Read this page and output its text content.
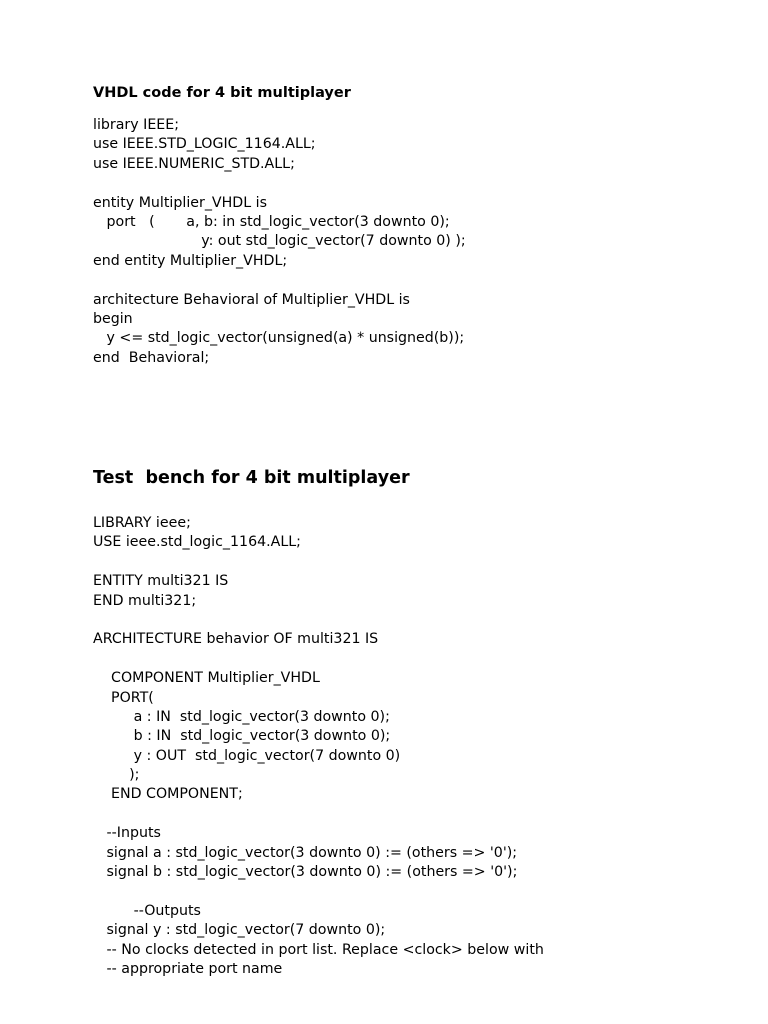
VHDL code for 4 bit multiplayer
library IEEE;
use IEEE.STD_LOGIC_1164.ALL;
use IEEE.NUMERIC_STD.ALL;
entity Multiplier_VHDL is
port   (       a, b: in std_logic_vector(3 downto 0);
y: out std_logic_vector(7 downto 0) );
end entity Multiplier_VHDL;
architecture Behavioral of Multiplier_VHDL is
begin
y <= std_logic_vector(unsigned(a) * unsigned(b));
end  Behavioral;
Test  bench for 4 bit multiplayer
LIBRARY ieee;
USE ieee.std_logic_1164.ALL;
ENTITY multi321 IS
END multi321;
ARCHITECTURE behavior OF multi321 IS
COMPONENT Multiplier_VHDL
PORT(
a : IN  std_logic_vector(3 downto 0);
b : IN  std_logic_vector(3 downto 0);
y : OUT  std_logic_vector(7 downto 0)
);
END COMPONENT;
--Inputs
signal a : std_logic_vector(3 downto 0) := (others => '0');
signal b : std_logic_vector(3 downto 0) := (others => '0');
--Outputs
signal y : std_logic_vector(7 downto 0);
-- No clocks detected in port list. Replace <clock> below with
-- appropriate port name
